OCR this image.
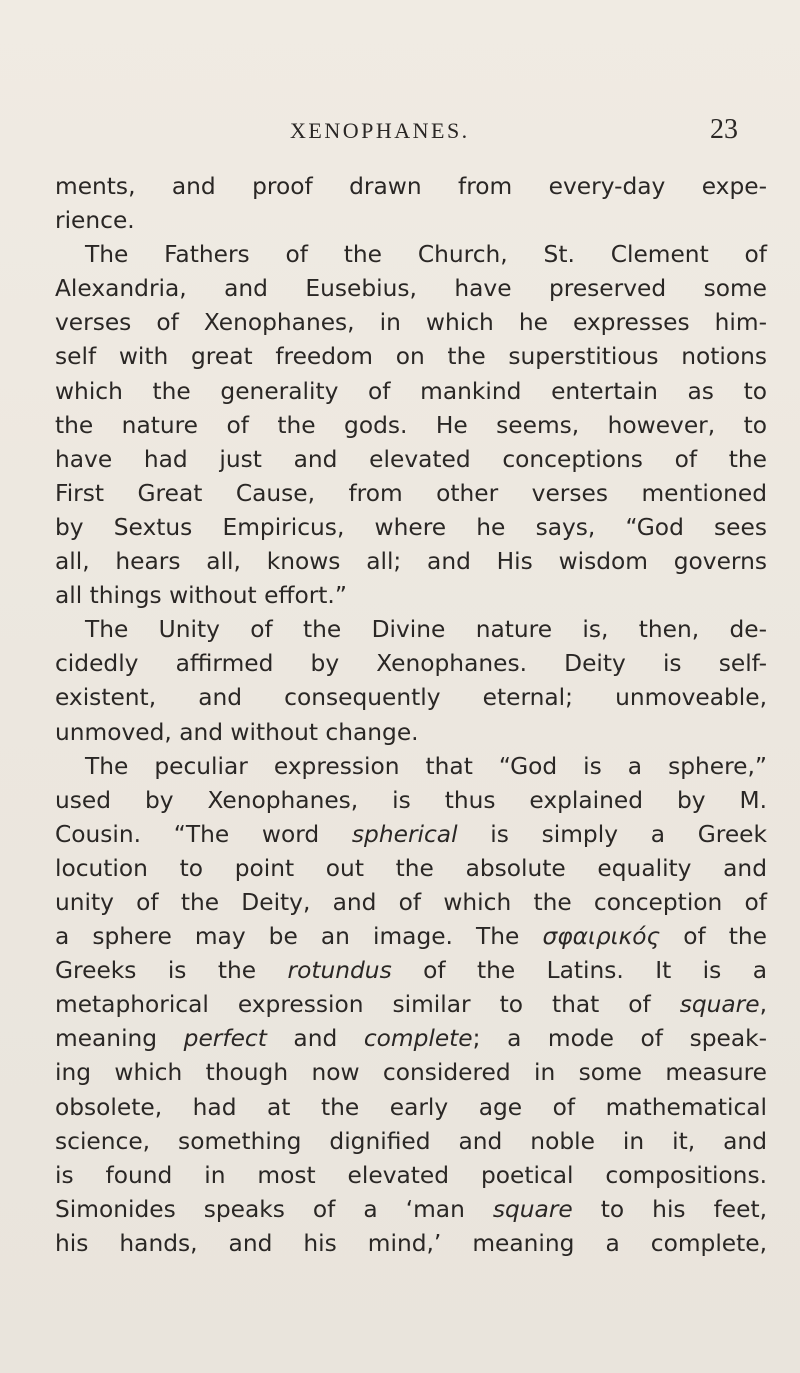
XENOPHANES.	23
ments, and proof drawn from every-day expe-
rience.
The Fathers of the Church, St. Clement of
Alexandria, and Eusebius, have preserved some
verses of Xenophanes, in which he expresses him-
self with great freedom on the superstitious notions
which the generality of mankind entertain as to
the nature of the gods. He seems, however, to
have had just and elevated conceptions of the
First Great Cause, from other verses mentioned
by Sextus Empiricus, where he says, “God sees
all, hears all, knows all; and His wisdom governs
all things without effort.”
The Unity of the Divine nature is, then, de-
cidedly affirmed by Xenophanes. Deity is self-
existent, and consequently eternal; unmoveable,
unmoved, and without change.
The peculiar expression that “God is a sphere,”
used by Xenophanes, is thus explained by M.
Cousin. “The word spherical is simply a Greek
locution to point out the absolute equality and
unity of the Deity, and of which the conception of
a sphere may be an image. The σφαιρικός of the
Greeks is the rotundus of the Latins. It is a
metaphorical expression similar to that of square,
meaning perfect and complete; a mode of speak-
ing which though now considered in some measure
obsolete, had at the early age of mathematical
science, something dignified and noble in it, and
is found in most elevated poetical compositions.
Simonides speaks of a ‘man square to his feet,
his hands, and his mind,’ meaning a complete,
